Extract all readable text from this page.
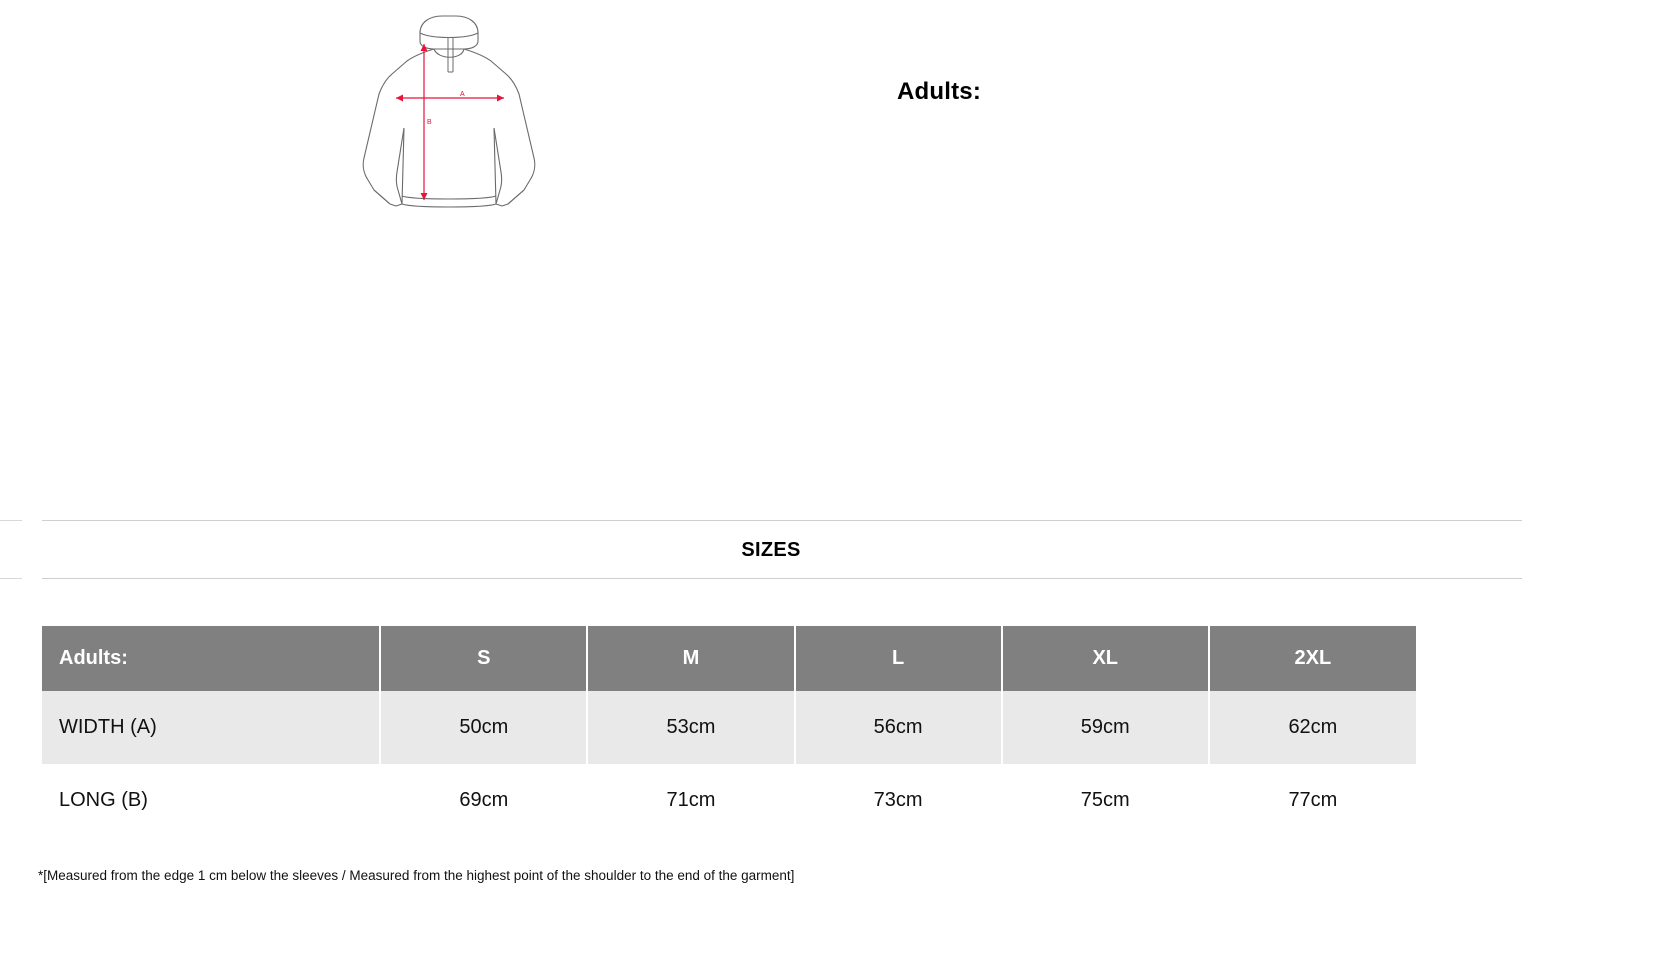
A
B
Adults:
SIZES
Adults:	S	M	L	XL	2XL
WIDTH (A)	50cm	53cm	56cm	59cm	62cm
LONG (B)	69cm	71cm	73cm	75cm	77cm
*[Measured from the edge 1 cm below the sleeves / Measured from the highest point of the shoulder to the end of the garment]
